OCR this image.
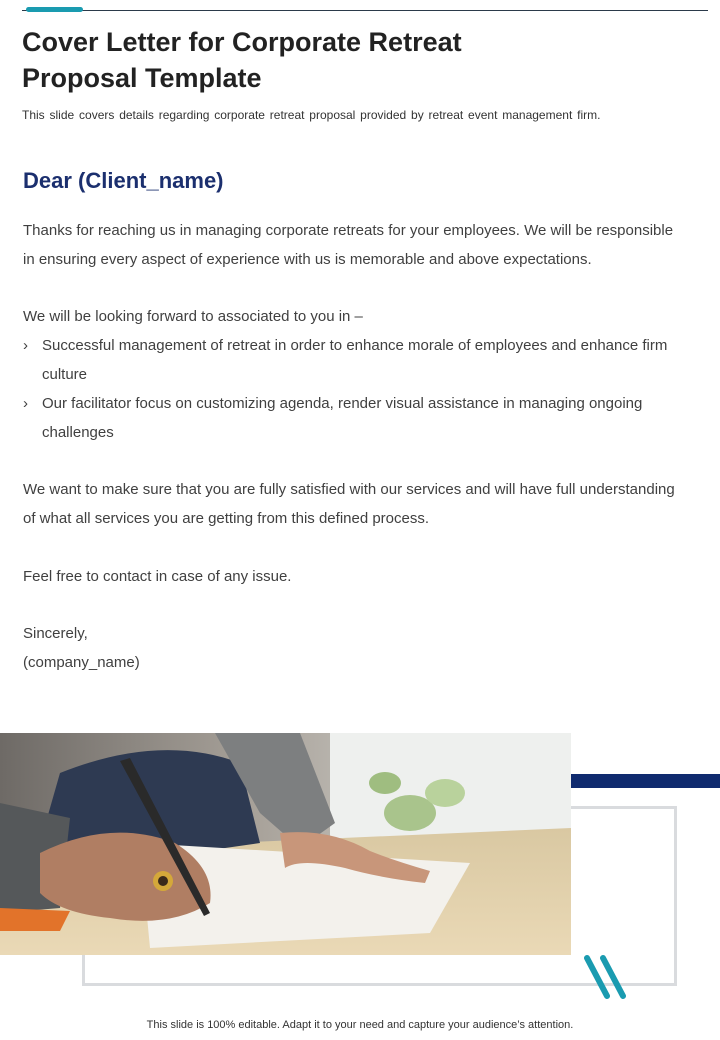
Cover Letter for Corporate Retreat Proposal Template

This slide covers details regarding corporate retreat proposal provided by retreat event management firm.

Dear (Client_name)

Thanks for reaching us in managing corporate retreats for your employees. We will be responsible in ensuring every aspect of experience with us is memorable and above expectations.

We will be looking forward to associated to you in –

› Successful management of retreat in order to enhance morale of employees and enhance firm culture
› Our facilitator focus on customizing agenda, render visual assistance in managing ongoing challenges

We want to make sure that you are fully satisfied with our services and will have full understanding of what all services you are getting from this defined process.

Feel free to contact in case of any issue.

Sincerely,

(company_name)

This slide is 100% editable. Adapt it to your need and capture your audience’s attention.
